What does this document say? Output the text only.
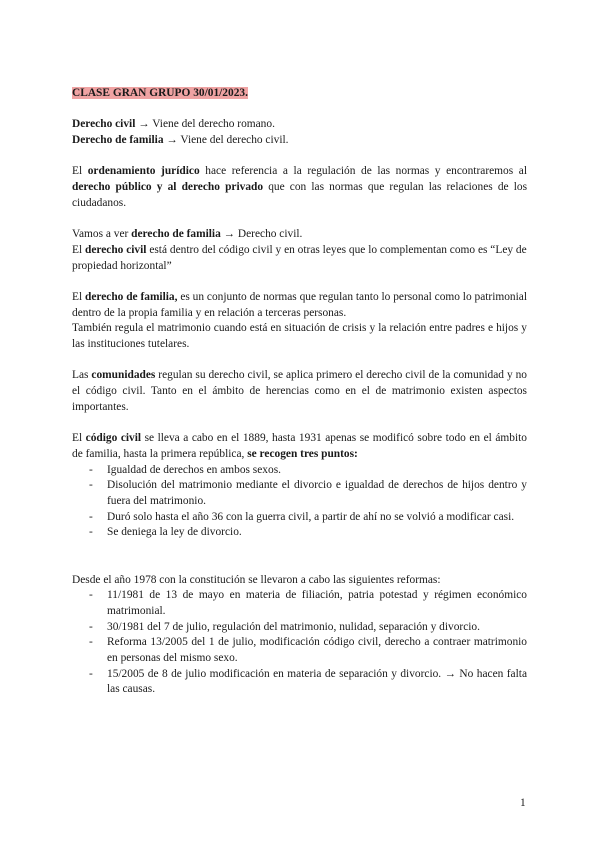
CLASE GRAN GRUPO 30/01/2023.

Derecho civil → Viene del derecho romano.

Derecho de familia → Viene del derecho civil.

El ordenamiento jurídico hace referencia a la regulación de las normas y encontraremos al derecho público y al derecho privado que con las normas que regulan las relaciones de los ciudadanos.

Vamos a ver derecho de familia → Derecho civil.

El derecho civil está dentro del código civil y en otras leyes que lo complementan como es “Ley de propiedad horizontal”

El derecho de familia, es un conjunto de normas que regulan tanto lo personal como lo patrimonial dentro de la propia familia y en relación a terceras personas.

También regula el matrimonio cuando está en situación de crisis y la relación entre padres e hijos y las instituciones tutelares.

Las comunidades regulan su derecho civil, se aplica primero el derecho civil de la comunidad y no el código civil. Tanto en el ámbito de herencias como en el de matrimonio existen aspectos importantes.

El código civil se lleva a cabo en el 1889, hasta 1931 apenas se modificó sobre todo en el ámbito de familia, hasta la primera república, se recogen tres puntos:

- Igualdad de derechos en ambos sexos.
- Disolución del matrimonio mediante el divorcio e igualdad de derechos de hijos dentro y fuera del matrimonio.
- Duró solo hasta el año 36 con la guerra civil, a partir de ahí no se volvió a modificar casi.
- Se deniega la ley de divorcio.

Desde el año 1978 con la constitución se llevaron a cabo las siguientes reformas:

- 11/1981 de 13 de mayo en materia de filiación, patria potestad y régimen económico matrimonial.
- 30/1981 del 7 de julio, regulación del matrimonio, nulidad, separación y divorcio.
- Reforma 13/2005 del 1 de julio, modificación código civil, derecho a contraer matrimonio en personas del mismo sexo.
- 15/2005 de 8 de julio modificación en materia de separación y divorcio. → No hacen falta las causas.
1
